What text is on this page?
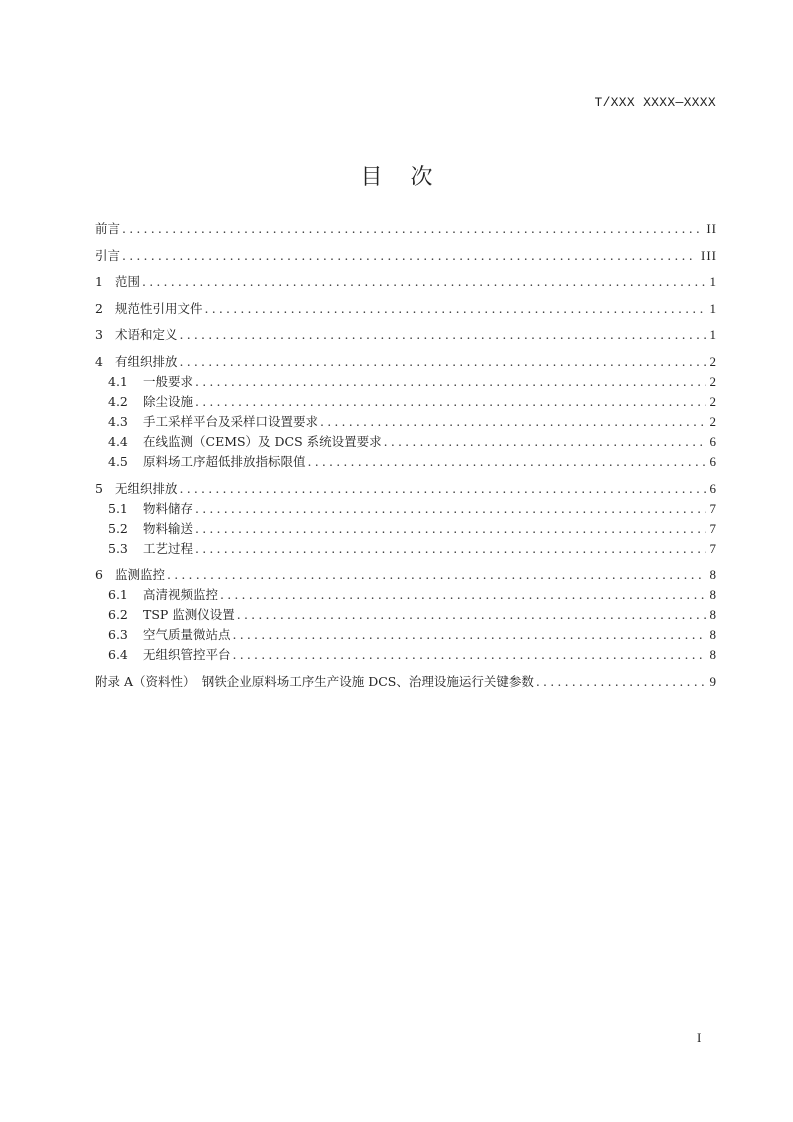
T/XXX XXXX—XXXX
目 次
前言 .....	II
引言 .....	III
1 范围 .....	1
2 规范性引用文件 .....	1
3 术语和定义 .....	1
4 有组织排放 .....	2
4.1	一般要求 .....	2
4.2	除尘设施 .....	2
4.3	手工采样平台及采样口设置要求 .....	2
4.4	在线监测（CEMS）及 DCS 系统设置要求 .....	6
4.5	原料场工序超低排放指标限值 .....	6
5 无组织排放 .....	6
5.1	物料储存 .....	7
5.2	物料输送 .....	7
5.3	工艺过程 .....	7
6 监测监控 .....	8
6.1	高清视频监控 .....	8
6.2	TSP 监测仪设置 .....	8
6.3	空气质量微站点 .....	8
6.4	无组织管控平台 .....	8
附录 A（资料性）　钢铁企业原料场工序生产设施 DCS、治理设施运行关键参数 .....	9
I
